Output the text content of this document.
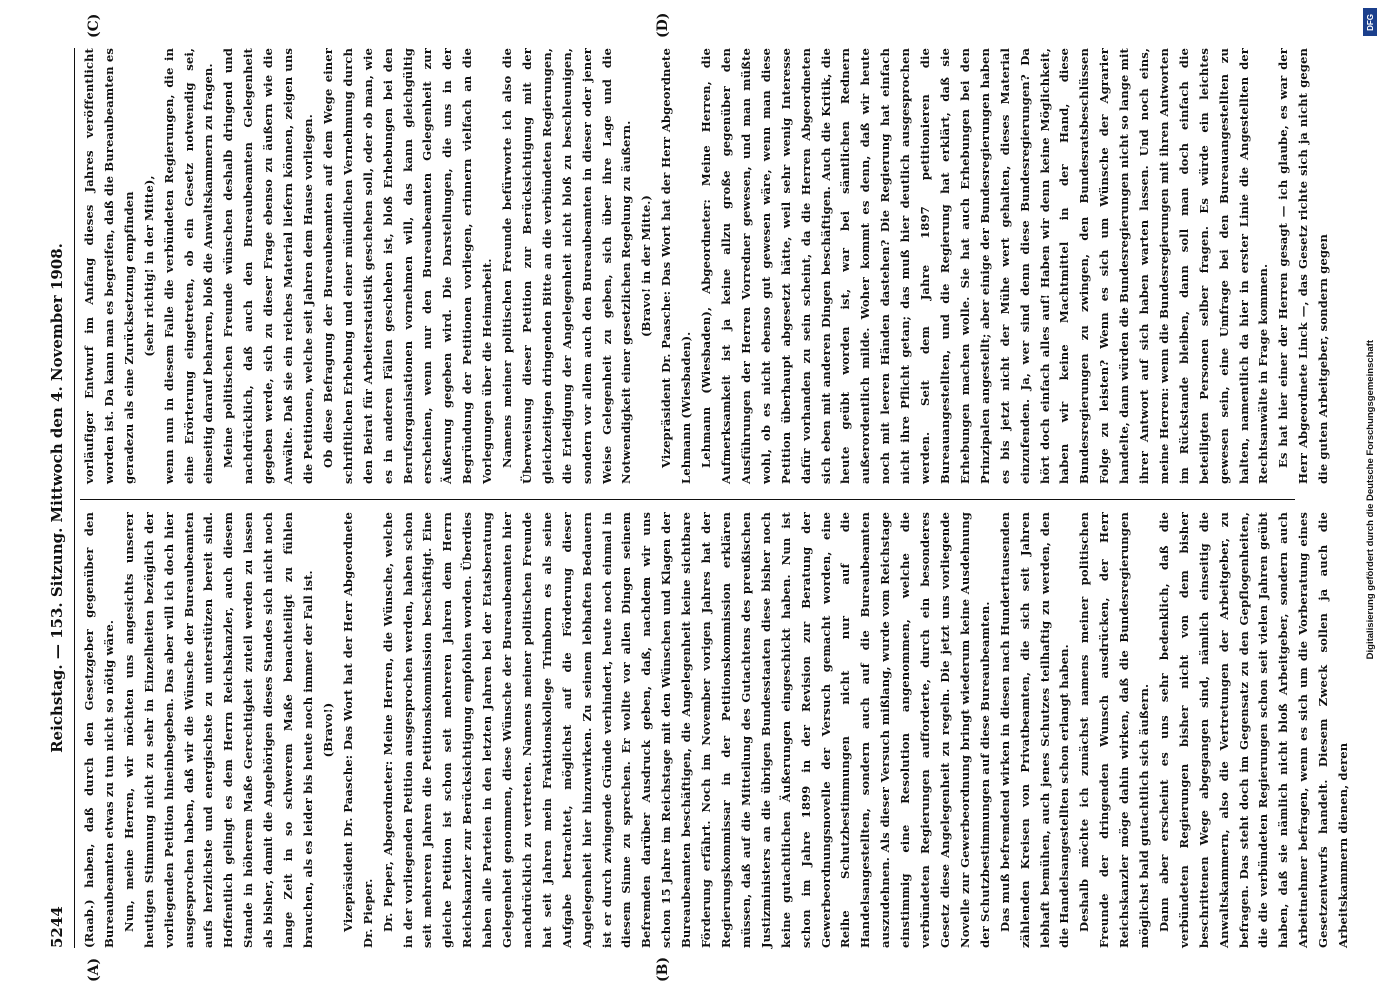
5244
Reichstag. — 153. Sitzung. Mittwoch den 4. November 1908.
(A)	(B)
(C)	(D)

(Raab.) haben, daß durch den Gesetzgeber gegenüber den Bureaubeamten etwas zu tun nicht so nötig wäre. Nun, meine Herren, wir möchten uns angesichts unserer heutigen Stimmung nicht zu sehr in Einzelheiten bezüglich der vorliegenden Petition hineinbegeben. Das aber will ich doch hier ausgesprochen haben, daß wir die Wünsche der Bureaubeamten aufs herzlichste und energischste zu unterstützen bereit sind. Hoffentlich gelingt es dem Herrn Reichskanzler, auch diesem Stande in höherem Maße Gerechtigkeit zuteil werden zu lassen als bisher, damit die Angehörigen dieses Standes sich nicht noch lange Zeit in so schwerem Maße benachteiligt zu fühlen brauchen, als es leider bis heute noch immer der Fall ist. (Bravo!) Vizepräsident Dr. Paasche: Das Wort hat der Herr Abgeordnete Dr. Pieper. Dr. Pieper, Abgeordneter: Meine Herren, die Wünsche, welche in der vorliegenden Petition ausgesprochen werden, haben schon seit mehreren Jahren die Petitionskommission beschäftigt. Eine gleiche Petition ist schon seit mehreren Jahren dem Herrn Reichskanzler zur Berücksichtigung empfohlen worden. Überdies haben alle Parteien in den letzten Jahren bei der Etatsberatung Gelegenheit genommen, diese Wünsche der Bureaubeamten hier nachdrücklich zu vertreten. Namens meiner politischen Freunde hat seit Jahren mein Fraktionskollege Trimborn es als seine Aufgabe betrachtet, möglichst auf die Förderung dieser Angelegenheit hier hinzuwirken. Zu seinem lebhaften Bedauern ist er durch zwingende Gründe verhindert, heute noch einmal in diesem Sinne zu sprechen. Er wollte vor allen Dingen seinem Befremden darüber Ausdruck geben, daß, nachdem wir uns schon 15 Jahre im Reichstage mit den Wünschen und Klagen der Bureaubeamten beschäftigen, die Angelegenheit keine sichtbare Förderung erfährt. Noch im November vorigen Jahres hat der Regierungskommissar in der Petitionskommission erklären müssen, daß auf die Mitteilung des Gutachtens des preußischen Justizministers an die übrigen Bundesstaaten diese bisher noch keine gutachtlichen Äußerungen eingeschickt haben. Nun ist schon im Jahre 1899 in der Revision zur Beratung der Gewerbeordnungsnovelle der Versuch gemacht worden, eine Reihe Schutzbestimmungen nicht nur auf die Handelsangestellten, sondern auch auf die Bureaubeamten auszudehnen. Als dieser Versuch mißlang, wurde vom Reichstage einstimmig eine Resolution angenommen, welche die verbündeten Regierungen aufforderte, durch ein besonderes Gesetz diese Angelegenheit zu regeln. Die jetzt uns vorliegende Novelle zur Gewerbeordnung bringt wiederum keine Ausdehnung der Schutzbestimmungen auf diese Bureaubeamten. Das muß befremdend wirken in diesen nach Hunderttausenden zählenden Kreisen von Privatbeamten, die sich seit Jahren lebhaft bemühen, auch jenes Schutzes teilhaftig zu werden, den die Handelsangestellten schon erlangt haben. Deshalb möchte ich zunächst namens meiner politischen Freunde der dringenden Wunsch ausdrücken, der Herr Reichskanzler möge dahin wirken, daß die Bundesregierungen möglichst bald gutachtlich sich äußern. Dann aber erscheint es uns sehr bedenklich, daß die verbündeten Regierungen bisher nicht von dem bisher beschrittenen Wege abgegangen sind, nämlich einseitig die Anwaltskammern, also die Vertretungen der Arbeitgeber, zu befragen. Das steht doch im Gegensatz zu den Gepflogenheiten, die die verbündeten Regierungen schon seit vielen Jahren geübt haben, daß sie nämlich nicht bloß Arbeitgeber, sondern auch Arbeitnehmer befragen, wenn es sich um die Vorberatung eines Gesetzentwurfs handelt. Diesem Zweck sollen ja auch die Arbeitskammern dienen, deren

vorläufiger Entwurf im Anfang dieses Jahres veröffentlicht worden ist. Da kann man es begreifen, daß die Bureaubeamten es geradezu als eine Zurücksetzung empfinden (sehr richtig! in der Mitte), wenn nun in diesem Falle die verbündeten Regierungen, die in eine Erörterung eingetreten, ob ein Gesetz notwendig sei, einseitig darauf beharren, bloß die Anwaltskammern zu fragen. Meine politischen Freunde wünschen deshalb dringend und nachdrücklich, daß auch den Bureaubeamten Gelegenheit gegeben werde, sich zu dieser Frage ebenso zu äußern wie die Anwälte. Daß sie ein reiches Material liefern können, zeigen uns die Petitionen, welche seit Jahren dem Hause vorliegen. Ob diese Befragung der Bureaubeamten auf dem Wege einer schriftlichen Erhebung und einer mündlichen Vernehmung durch den Beirat für Arbeiterstatistik geschehen soll, oder ob man, wie es in anderen Fällen geschehen ist, bloß Erhebungen bei den Berufsorganisationen vornehmen will, das kann gleichgültig erscheinen, wenn nur den Bureaubeamten Gelegenheit zur Äußerung gegeben wird. Die Darstellungen, die uns in der Begründung der Petitionen vorliegen, erinnern vielfach an die Vorlegungen über die Heimarbeit. Namens meiner politischen Freunde befürworte ich also die Überweisung dieser Petition zur Berücksichtigung mit der gleichzeitigen dringenden Bitte an die verbündeten Regierungen, die Erledigung der Angelegenheit nicht bloß zu beschleunigen, sondern vor allem auch den Bureaubeamten in dieser oder jener Weise Gelegenheit zu geben, sich über ihre Lage und die Notwendigkeit einer gesetzlichen Regelung zu äußern. (Bravo! in der Mitte.) Vizepräsident Dr. Paasche: Das Wort hat der Herr Abgeordnete Lehmann (Wiesbaden). Lehmann (Wiesbaden), Abgeordneter: Meine Herren, die Aufmerksamkeit ist ja keine allzu große gegenüber den Ausführungen der Herren Vorredner gewesen, und man müßte wohl, ob es nicht ebenso gut gewesen wäre, wenn man diese Petition überhaupt abgesetzt hätte, weil sehr wenig Interesse dafür vorhanden zu sein scheint, da die Herren Abgeordneten sich eben mit anderen Dingen beschäftigen. Auch die Kritik, die heute geübt worden ist, war bei sämtlichen Rednern außerordentlich milde. Woher kommt es denn, daß wir heute noch mit leeren Händen dastehen? Die Regierung hat einfach nicht ihre Pflicht getan; das muß hier deutlich ausgesprochen werden. Seit dem Jahre 1897 petitionieren die Bureauangestellten, und die Regierung hat erklärt, daß sie Erhebungen machen wolle. Sie hat auch Erhebungen bei den Prinzipalen angestellt; aber einige der Bundesregierungen haben es bis jetzt nicht der Mühe wert gehalten, dieses Material einzufenden. Ja, wer sind denn diese Bundesregierungen? Da hört doch einfach alles auf! Haben wir denn keine Möglichkeit, haben wir keine Machtmittel in der Hand, diese Bundesregierungen zu zwingen, den Bundesratsbeschlüssen Folge zu leisten? Wenn es sich um Wünsche der Agrarier handelte, dann würden die Bundesregierungen nicht so lange mit ihrer Antwort auf sich haben warten lassen. Und noch eins, meine Herren: wenn die Bundesregierungen mit ihren Antworten im Rückstande bleiben, dann soll man doch einfach die beteiligten Personen selber fragen. Es würde ein leichtes gewesen sein, eine Umfrage bei den Bureauangestellten zu halten, namentlich da hier in erster Linie die Angestellten der Rechtsanwälte in Frage kommen. Es hat hier einer der Herren gesagt — ich glaube, es war der Herr Abgeordnete Linck —, das Gesetz richte sich ja nicht gegen die guten Arbeitgeber, sondern gegen	Digitalisierung gefördert durch die Deutsche Forschungsgemeinschaft
DFG
